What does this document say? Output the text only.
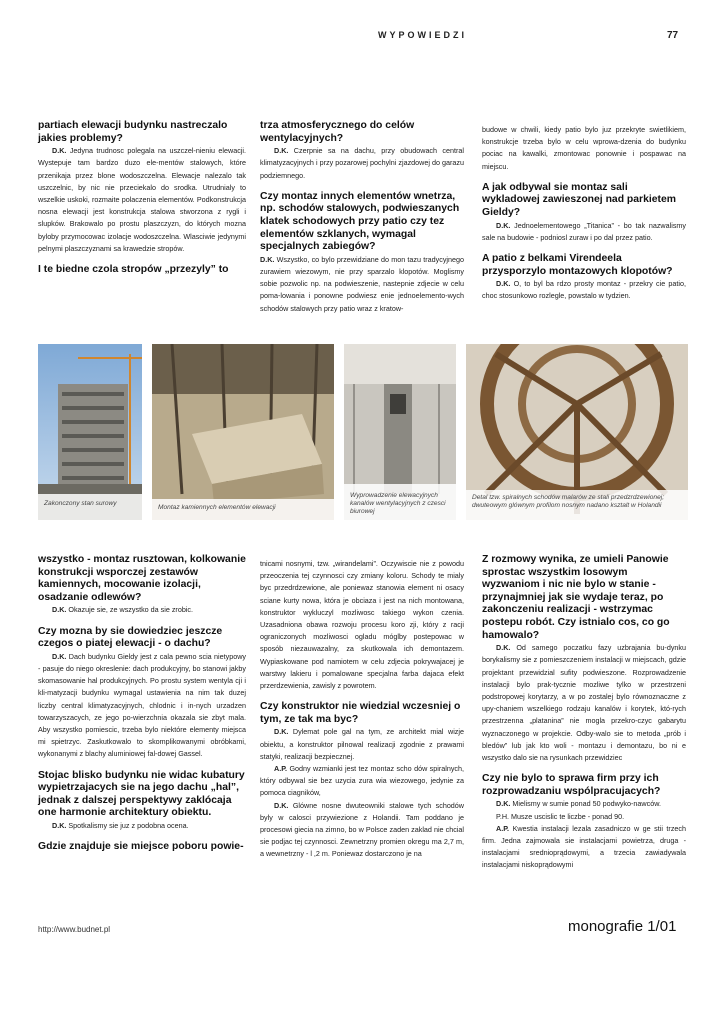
WYPOWIEDZI	77
partiach elewacji budynku nastreczalo jakies problemy?

D.K. Jedyna trudnosc polegala na uszczel-nieniu elewacji. Wystepuje tam bardzo duzo ele-mentów stalowych, które przenikaja przez blone wodoszczelna. Elewacje nalezalo tak uszczelnic, by nic nie przeciekalo do srodka. Utrudnialy to wszelkie uskoki, rozmaite polaczenia elementów. Podkonstrukcja nosna elewacji jest konstrukcja stalowa stworzona z rygli i slupków. Brakowalo po prostu plaszczyzn, do których mozna byloby przymocowac izolacje wodoszczelna. Wlasciwie jedynymi pelnymi plaszczyznami sa krawedzie stropów.

I te biedne czola stropów „przezyly” to
trza atmosferycznego do celów wentylacyjnych?

D.K. Czerpnie sa na dachu, przy obudowach central klimatyzacyjnych i przy pozarowej pochylni zjazdowej do garazu podziemnego.

Czy montaz innych elementów wnetrza, np. schodów stalowych, podwieszanych klatek schodowych przy patio czy tez elementów szklanych, wymagal specjalnych zabiegów?

D.K. Wszystko, co bylo przewidziane do mon tazu tradycyjnego zurawiem wiezowym, nie przy sparzalo klopotów. Moglismy sobie pozwolic np. na podwieszenie, nastepnie zdjecie w celu poma-lowania i ponowne podwiesz enie jednoelemento-wych schodów stalowych przy patio wraz z kratow-

budowe w chwili, kiedy patio bylo juz przekryte swietlikiem, konstrukcje trzeba bylo w celu wprowa-dzenia do budynku pociac na kawalki, zmontowac ponownie i pospawac na miejscu.

A jak odbywal sie montaz sali wykladowej zawieszonej nad parkietem Gieldy?

D.K. Jednoelementowego „Titanica” - bo tak nazwalismy sale na budowie - podniosl zuraw i po dal przez patio.

A patio z belkami Virendeela przysporzylo montazowych klopotów?

D.K. O, to byl ba rdzo prosty montaz - przekry cie patio, choc stosunkowo rozlegle, powstalo w tydzien.

Zakonczony stan surowy
Montaz kamiennych elementów elewacji
Wyprowadzenie elewacyjnych kanalów wentylacyjnych z czesci biurowej
Detal tzw. spiralnych schodów malarów ze stali przedzrdzewionej; dwuteowym glównym profilom nosnym nadano ksztalt w Holandii
wszystko - montaz rusztowan, kolkowanie konstrukcji wsporczej zestawów kamiennych, mocowanie izolacji, osadzanie odlewów?

D.K. Okazuje sie, ze wszystko da sie zrobic.

Czy mozna by sie dowiedziec jeszcze czegos o piatej elewacji - o dachu?

D.K. Dach budynku Gieldy jest z cala pewno scia nietypowy - pasuje do niego okreslenie: dach produkcyjny, bo stanowi jakby skomasowanie hal produkcyjnych. Po prostu system wentyla cji i kli-matyzacji budynku wymagal ustawienia na nim tak duzej liczby central klimatyzacyjnych, chlodnic i in-nych urzadzen towarzyszacych, ze jego po-wierzchnia okazala sie zbyt mala. Aby wszystko pomiescic, trzeba bylo niektóre elementy miejsca mi spietrzyc. Zaskutkowalo to skomplikowanymi obróbkami, wykonanymi z blachy aluminiowej fal-dowej Gassel.

Stojac blisko budynku nie widac kubatury wypietrzajacych sie na jego dachu „hal”, jednak z dalszej perspektywy zaklócaja one harmonie architektury obiektu.

D.K. Spotkalismy sie juz z podobna ocena.

Gdzie znajduje sie miejsce poboru powie-

tnicami nosnymi, tzw. „wirandelami”. Oczywiscie nie z powodu przeoczenia tej czynnosci czy zmiany koloru. Schody te mialy byc przedrdzewione, ale poniewaz stanowia element ni osacy sciane kurty nowa, która je obciaza i jest na nich montowana, konstruktor wykluczyl mozliwosc takiego wykon czenia. Uzasadniona obawa rozwoju procesu koro zji, który z racji ograniczonych mozliwosci ogladu móglby postepowac w sposób niezauwazalny, za skutkowala ich demontazem. Wypiaskowane pod namiotem w celu zdjecia pokrywajacej je warstwy lakieru i pomalowane specjalna farba dajaca efekt przerdzewienia, zawisly z powrotem.

Czy konstruktor nie wiedzial wczesniej o tym, ze tak ma byc?

D.K. Dylemat pole gal na tym, ze architekt mial wizje obiektu, a konstruktor pilnowal realizacji zgodnie z prawami statyki, realizacji bezpiecznej.

A.P. Godny wzmianki jest tez montaz scho dów spiralnych, który odbywal sie bez uzycia zura wia wiezowego, jedynie za pomoca ciagników,

D.K. Glówne nosne dwuteowniki stalowe tych schodów byly w calosci przywiezione z Holandii. Tam poddano je procesowi giecia na zimno, bo w Polsce zaden zaklad nie chcial sie podjac tej czynnosci. Zewnetrzny promien okregu ma 2,7 m, a wewnetrzny - l ,2 m. Poniewaz dostarczono je na

Z rozmowy wynika, ze umieli Panowie sprostac wszystkim losowym wyzwaniom i nic nie bylo w stanie - przynajmniej jak sie wydaje teraz, po zakonczeniu realizacji - wstrzymac postepu robót. Czy istnialo cos, co go hamowalo?

D.K. Od samego poczatku fazy uzbrajania bu-dynku borykalismy sie z pomieszczeniem instalacji w miejscach, gdzie projektant przewidzial sufity podwieszone. Rozprowadzenie instalacji bylo prak-tycznie mozliwe tylko w przestrzeni podstropowej korytarzy, a w po zostalej bylo równoznaczne z upy-chaniem wszelkiego rodzaju kanalów i korytek, któ-rych przestrzenna „platanina” nie mogla przekro-czyc gabarytu wyznaczonego w projekcie. Odby-walo sie to metoda „prób i bledów” lub jak kto woli - montazu i demontazu, bo ni e wszystko dalo sie na rysunkach przewidziec

Czy nie bylo to sprawa firm przy ich rozprowadzaniu wspólpracujacych?

D.K. Mielismy w sumie ponad 50 podwyko-nawców.

P.H. Musze uscislic te liczbe - ponad 90.

A.P. Kwestia instalacji lezala zasadniczo w ge stii trzech firm. Jedna zajmowala sie instalacjami powietrza, druga - instalacjami srednioprądowymi, a trzecia zawiadywala instalacjami niskoprądowymi

http://www.budnet.pl	monografie 1/01
